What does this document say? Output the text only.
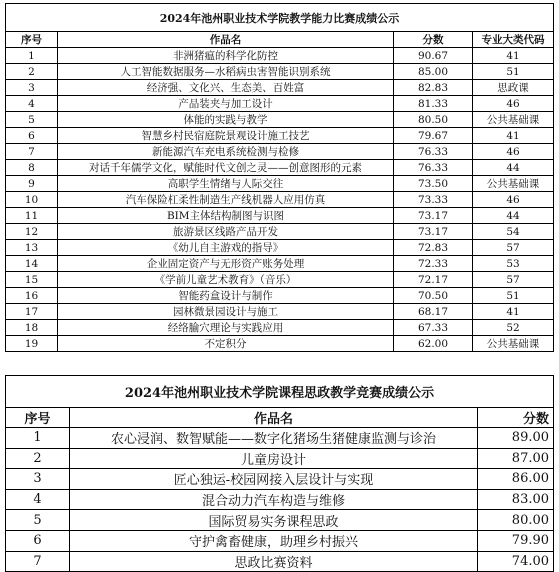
2024年池州职业技术学院教学能力比赛成绩公示			
序号	作品名	分数	专业大类代码
1	非洲猪瘟的科学化防控	90.67	41
2	人工智能数据服务—水稻病虫害智能识别系统	85.00	51
3	经济强、文化兴、生态美、百姓富	82.83	思政课
4	产品装夹与加工设计	81.33	46
5	体能的实践与教学	80.50	公共基础课
6	智慧乡村民宿庭院景观设计施工技艺	79.67	41
7	新能源汽车充电系统检测与检修	76.33	46
8	对话千年儒学文化，赋能时代文创之灵——创意图形的元素	76.33	44
9	高职学生情绪与人际交往	73.50	公共基础课
10	汽车保险杠柔性制造生产线机器人应用仿真	73.33	46
11	BIM主体结构制图与识图	73.17	44
12	旅游景区线路产品开发	73.17	54
13	《幼儿自主游戏的指导》	72.83	57
14	企业固定资产与无形资产账务处理	72.33	53
15	《学前儿童艺术教育》（音乐）	72.17	57
16	智能药盒设计与制作	70.50	51
17	园林微景园设计与施工	68.17	41
18	经络腧穴理论与实践应用	67.33	52
19	不定积分	62.00	公共基础课
2024年池州职业技术学院课程思政教学竞赛成绩公示		
序号	作品名	分数
1	农心浸润、数智赋能——数字化猪场生猪健康监测与诊治	89.00
2	儿童房设计	87.00
3	匠心独运-校园网接入层设计与实现	86.00
4	混合动力汽车构造与维修	83.00
5	国际贸易实务课程思政	80.00
6	守护禽畜健康，助理乡村振兴	79.90
7	思政比赛资料	74.00
